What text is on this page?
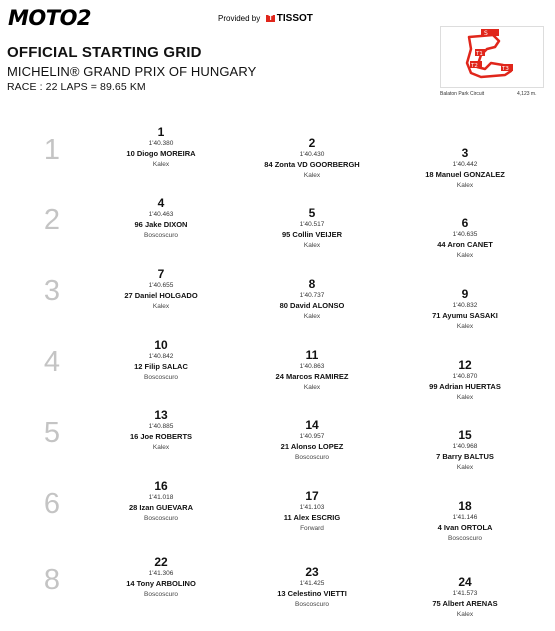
MOTO2	Provided by T TISSOT
OFFICIAL STARTING GRID
MICHELIN® GRAND PRIX OF HUNGARY
RACE : 22 LAPS = 89.65 KM
S
T1
T2	T3
Balaton Park Circuit	4,123 m.
1
1
1'40.380
10 Diogo MOREIRA
Kalex
2
1'40.430
84 Zonta VD GOORBERGH
Kalex
3
1'40.442
18 Manuel GONZALEZ
Kalex
2
4
1'40.463
96 Jake DIXON
Boscoscuro
5
1'40.517
95 Collin VEIJER
Kalex
6
1'40.635
44 Aron CANET
Kalex
3
7
1'40.655
27 Daniel HOLGADO
Kalex
8
1'40.737
80 David ALONSO
Kalex
9
1'40.832
71 Ayumu SASAKI
Kalex
4
10
1'40.842
12 Filip SALAC
Boscoscuro
11
1'40.863
24 Marcos RAMIREZ
Kalex
12
1'40.870
99 Adrian HUERTAS
Kalex
5
13
1'40.885
16 Joe ROBERTS
Kalex
14
1'40.957
21 Alonso LOPEZ
Boscoscuro
15
1'40.968
7 Barry BALTUS
Kalex
6
16
1'41.018
28 Izan GUEVARA
Boscoscuro
17
1'41.103
11 Alex ESCRIG
Forward
18
1'41.146
4 Ivan ORTOLA
Boscoscuro
8
22
1'41.306
14 Tony ARBOLINO
Boscoscuro
23
1'41.425
13 Celestino VIETTI
Boscoscuro
24
1'41.573
75 Albert ARENAS
Kalex
